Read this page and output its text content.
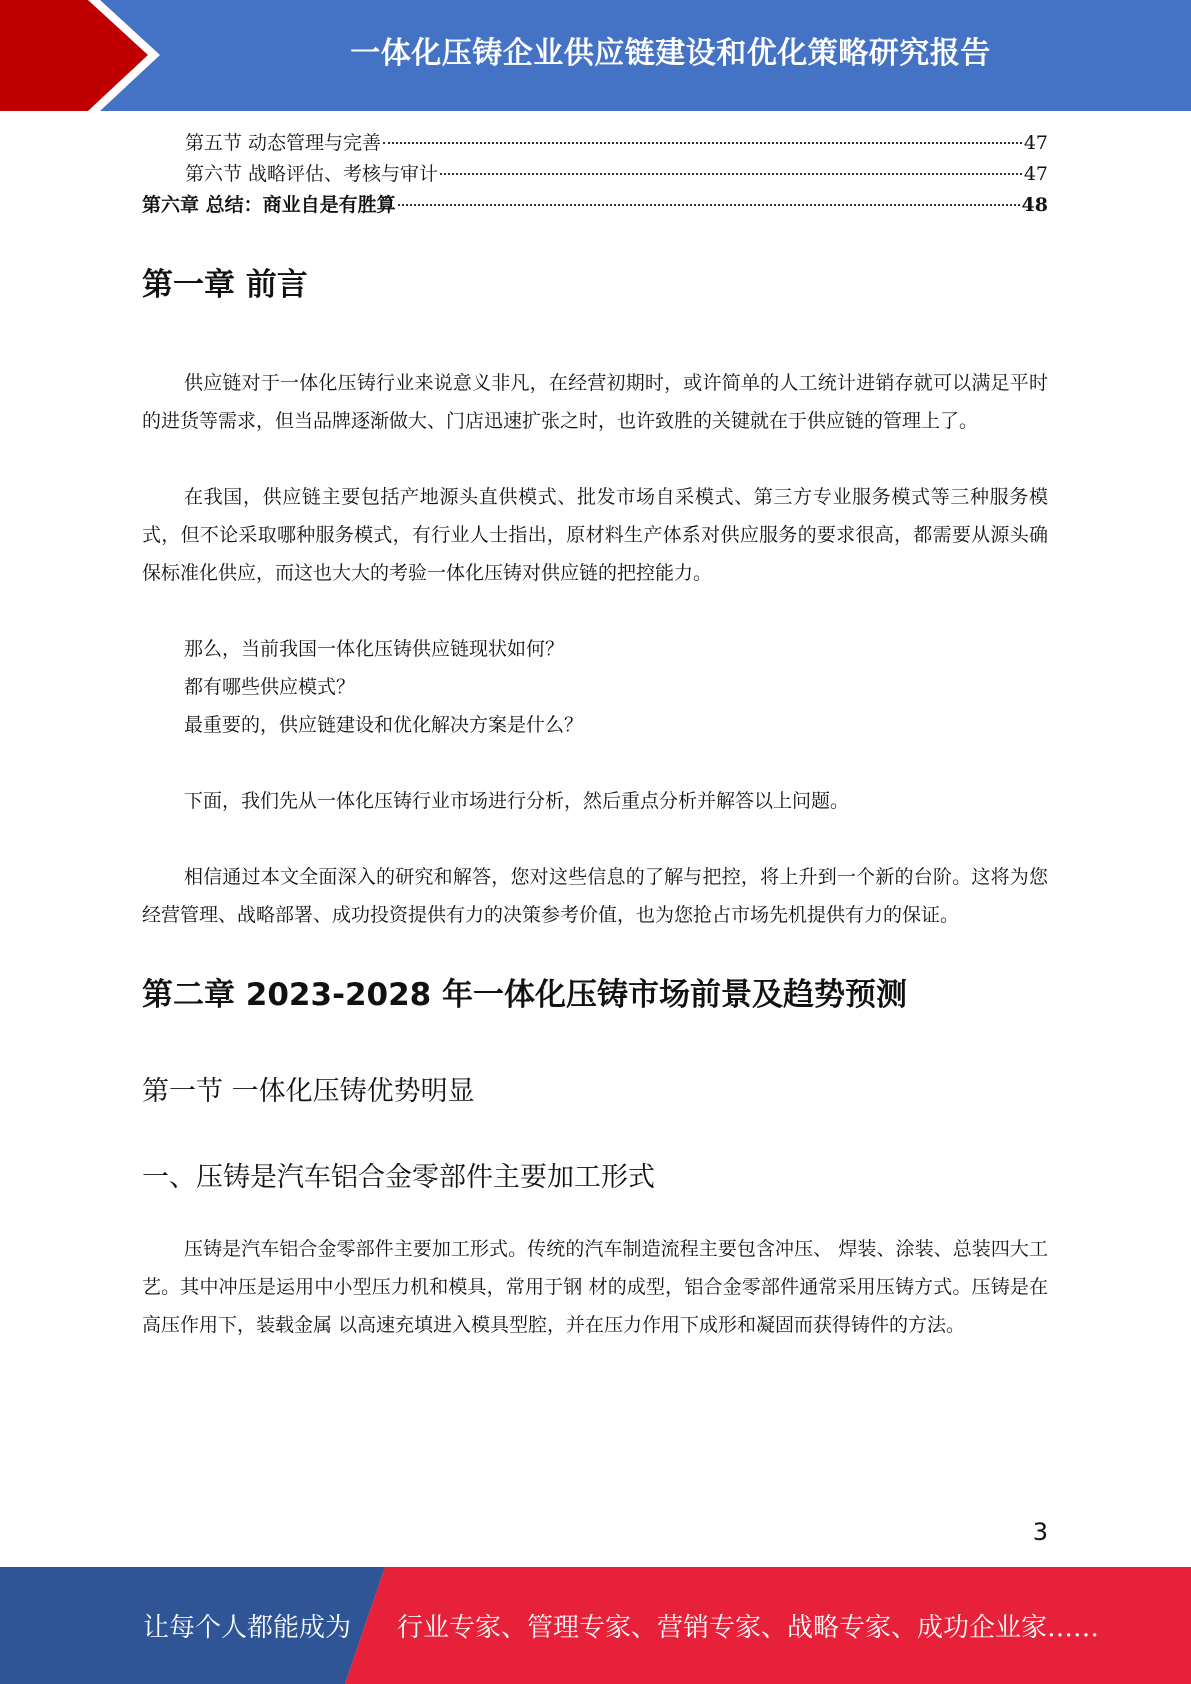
一体化压铸企业供应链建设和优化策略研究报告
第五节 动态管理与完善	47
第六节 战略评估、考核与审计	47
第六章 总结：商业自是有胜算	48
第一章 前言

供应链对于一体化压铸行业来说意义非凡，在经营初期时，或许简单的人工统计进销存就可以满足平时的进货等需求，但当品牌逐渐做大、门店迅速扩张之时，也许致胜的关键就在于供应链的管理上了。

在我国，供应链主要包括产地源头直供模式、批发市场自采模式、第三方专业服务模式等三种服务模式，但不论采取哪种服务模式，有行业人士指出，原材料生产体系对供应服务的要求很高，都需要从源头确保标准化供应，而这也大大的考验一体化压铸对供应链的把控能力。

那么，当前我国一体化压铸供应链现状如何？

都有哪些供应模式？

最重要的，供应链建设和优化解决方案是什么？

下面，我们先从一体化压铸行业市场进行分析，然后重点分析并解答以上问题。

相信通过本文全面深入的研究和解答，您对这些信息的了解与把控，将上升到一个新的台阶。这将为您经营管理、战略部署、成功投资提供有力的决策参考价值，也为您抢占市场先机提供有力的保证。

第二章 2023-2028 年一体化压铸市场前景及趋势预测
第一节 一体化压铸优势明显
一、压铸是汽车铝合金零部件主要加工形式

压铸是汽车铝合金零部件主要加工形式。传统的汽车制造流程主要包含冲压、 焊装、涂装、总装四大工艺。其中冲压是运用中小型压力机和模具，常用于钢 材的成型，铝合金零部件通常采用压铸方式。压铸是在高压作用下，装载金属 以高速充填进入模具型腔，并在压力作用下成形和凝固而获得铸件的方法。

3
让每个人都能成为 行业专家、管理专家、营销专家、战略专家、成功企业家……
